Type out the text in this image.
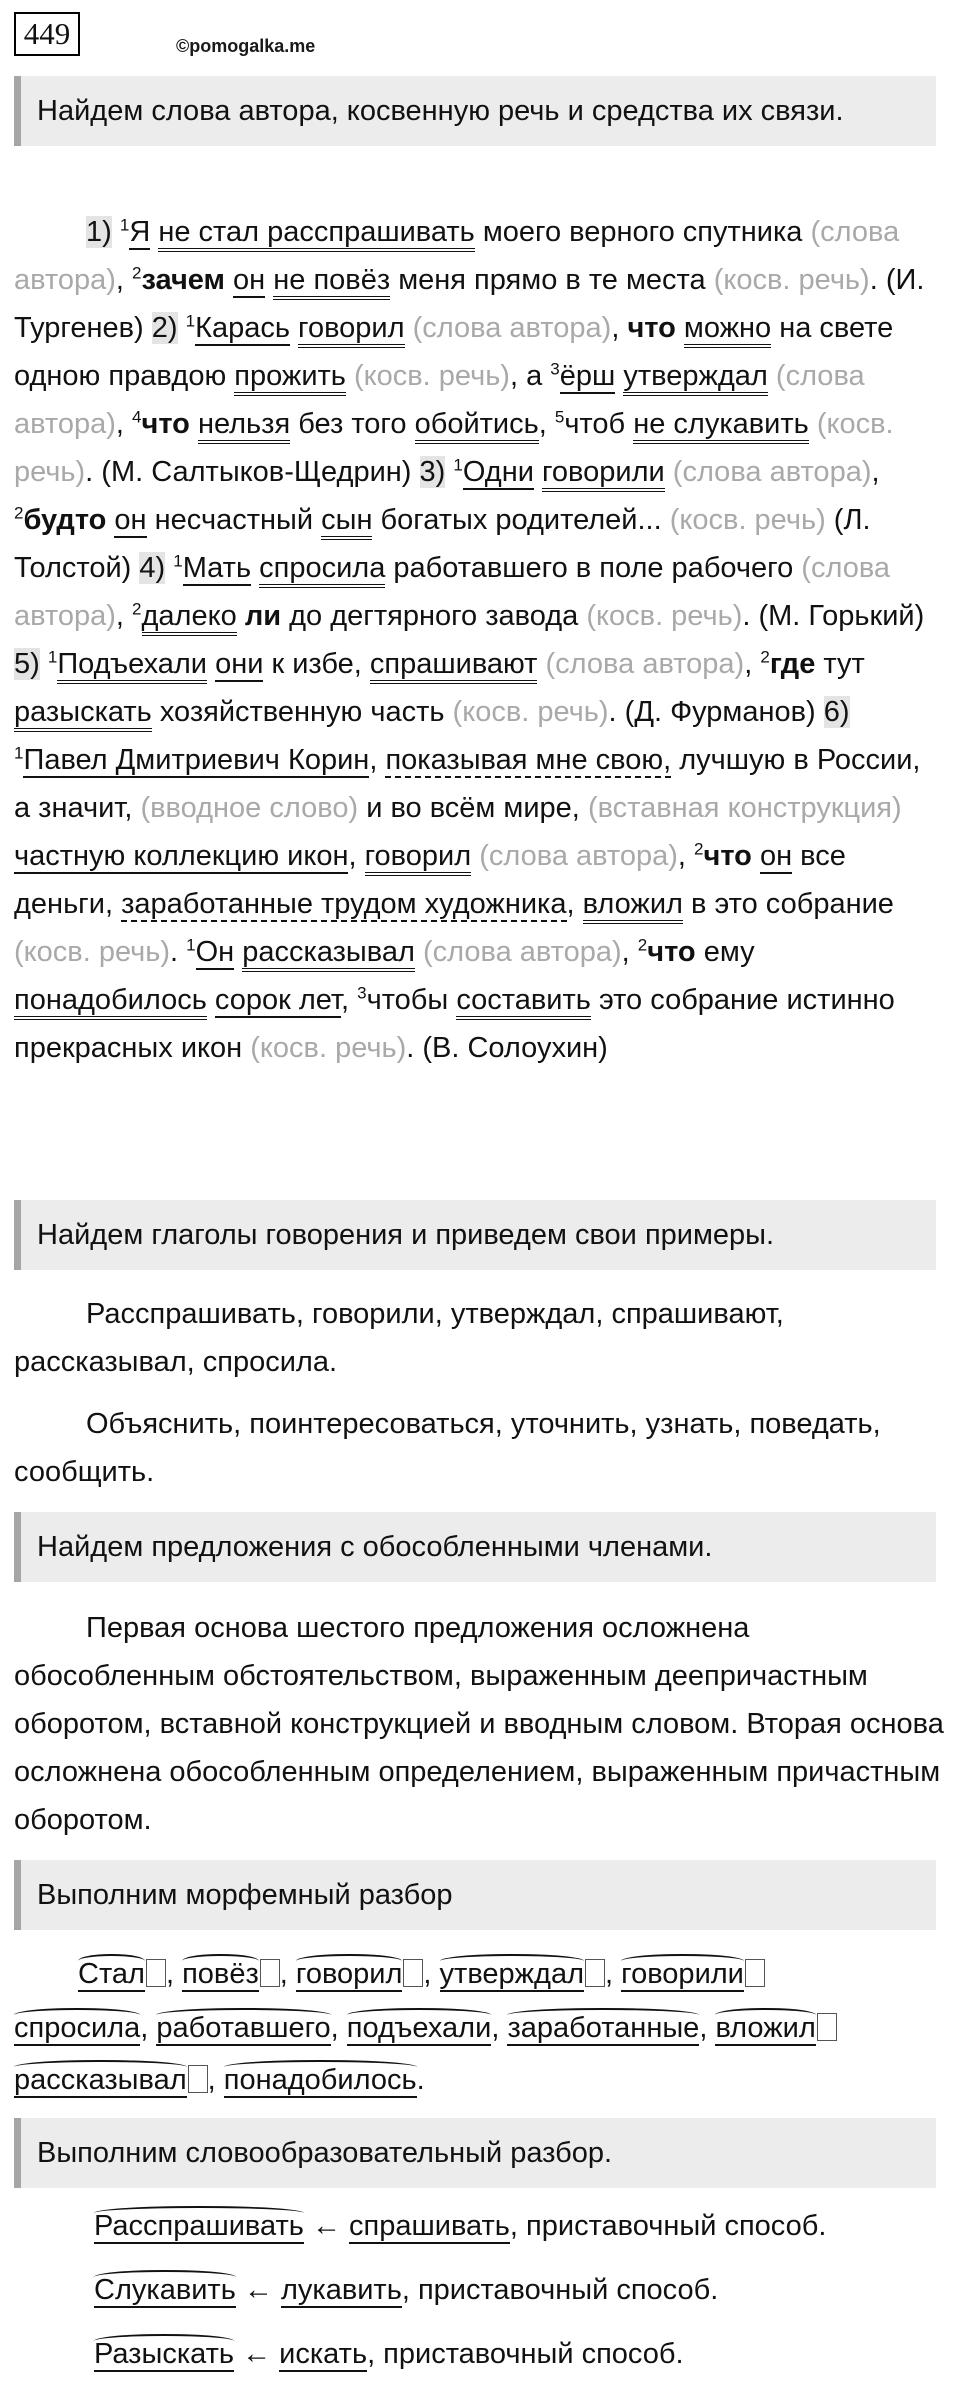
449	©pomogalka.me
Найдем слова автора, косвенную речь и средства их связи.
1) $^1$Я не стал расспрашивать моего верного спутника (слова автора), $^2$зачем он не повёз меня прямо в те места (косв. речь). (И. Тургенев) 2) $^1$Карась говорил (слова автора), что можно на свете одною правдою прожить (косв. речь), а $^3$ёрш утверждал (слова автора), $^4$что нельзя без того обойтись, $^5$чтоб не слукавить (косв. речь). (М. Салтыков-Щедрин) 3) $^1$Одни говорили (слова автора), $^2$будто он несчастный сын богатых родителей... (косв. речь) (Л. Толстой) 4) $^1$Мать спросила работавшего в поле рабочего (слова автора), $^2$далеко ли до дегтярного завода (косв. речь). (М. Горький) 5) $^1$Подъехали они к избе, спрашивают (слова автора), $^2$где тут разыскать хозяйственную часть (косв. речь). (Д. Фурманов) 6) $^1$Павел Дмитриевич Корин, показывая мне свою, лучшую в России, а значит, (вводное слово) и во всём мире, (вставная конструкция) частную коллекцию икон, говорил (слова автора), $^2$что он все деньги, заработанные трудом художника, вложил в это собрание (косв. речь). $^1$Он рассказывал (слова автора), $^2$что ему понадобилось сорок лет, $^3$чтобы составить это собрание истинно прекрасных икон (косв. речь). (В. Солоухин)
Найдем глаголы говорения и приведем свои примеры.
Расспрашивать, говорили, утверждал, спрашивают, рассказывал, спросила.
Объяснить, поинтересоваться, уточнить, узнать, поведать, сообщить.
Найдем предложения с обособленными членами.
Первая основа шестого предложения осложнена обособленным обстоятельством, выраженным деепричастным оборотом, вставной конструкцией и вводным словом. Вторая основа осложнена обособленным определением, выраженным причастным оборотом.
Выполним морфемный разбор
Стал , повёз , говорил , утверждал , говорили
спросила, работавшего, подъехали, заработанные, вложил
рассказывал , понадобилось.
Выполним словообразовательный разбор.
Расспрашивать ← спрашивать, приставочный способ.
Слукавить ← лукавить, приставочный способ.
Разыскать ← искать, приставочный способ.
